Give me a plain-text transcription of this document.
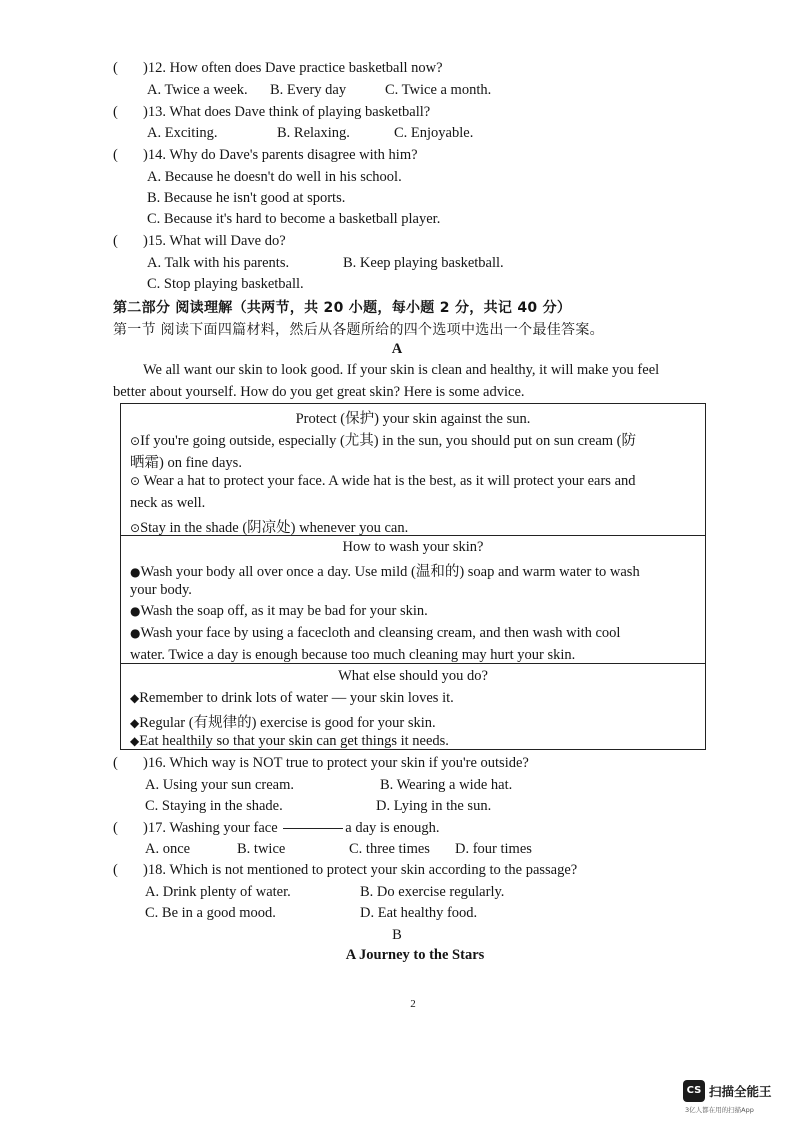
( )12. How often does Dave practice basketball now?
A. Twice a week. B. Every day	C. Twice a month.
( )13. What does Dave think of playing basketball?
A. Exciting.	B. Relaxing.	C. Enjoyable.
( )14. Why do Dave's parents disagree with him?
A. Because he doesn't do well in his school.
B. Because he isn't good at sports.
C. Because it's hard to become a basketball player.
( )15. What will Dave do?
A. Talk with his parents.	B. Keep playing basketball.
C. Stop playing basketball.
第二部分 阅读理解（共两节，共 20 小题，每小题 2 分，共记 40 分）
第一节 阅读下面四篇材料，然后从各题所给的四个选项中选出一个最佳答案。
A
We all want our skin to look good. If your skin is clean and healthy, it will make you feel
better about yourself. How do you get great skin? Here is some advice.
Protect (保护) your skin against the sun.
⊙If you're going outside, especially (尤其) in the sun, you should put on sun cream (防
晒霜) on fine days.
⊙ Wear a hat to protect your face. A wide hat is the best, as it will protect your ears and
neck as well.
⊙Stay in the shade (阴凉处) whenever you can.
How to wash your skin?
●Wash your body all over once a day. Use mild (温和的) soap and warm water to wash
your body.
●Wash the soap off, as it may be bad for your skin.
●Wash your face by using a facecloth and cleansing cream, and then wash with cool
water. Twice a day is enough because too much cleaning may hurt your skin.
What else should you do?
◆Remember to drink lots of water — your skin loves it.
◆Regular (有规律的) exercise is good for your skin.
◆Eat healthily so that your skin can get things it needs.
( )16. Which way is NOT true to protect your skin if you're outside?
A. Using your sun cream.	B. Wearing a wide hat.
C. Staying in the shade.	D. Lying in the sun.
( )17. Washing your face	a day is enough.
A. once	B. twice	C. three times D. four times
( )18. Which is not mentioned to protect your skin according to the passage?
A. Drink plenty of water.	B. Do exercise regularly.
C. Be in a good mood.	D. Eat healthy food.
B
A Journey to the Stars
2
CS 扫描全能王
3亿人都在用的扫描App
